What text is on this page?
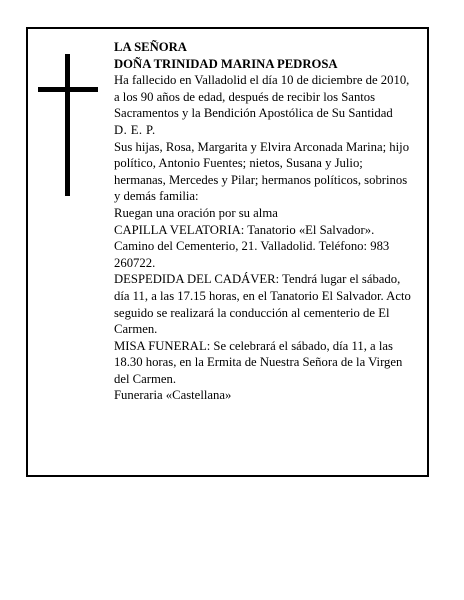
LA SEÑORA
DOÑA TRINIDAD MARINA PEDROSA
Ha fallecido en Valladolid el día 10 de diciembre de 2010, a los 90 años de edad, después de recibir los Santos Sacramentos y la Bendición Apostólica de Su Santidad
D. E. P.
Sus hijas, Rosa, Margarita y Elvira Arconada Marina; hijo político, Antonio Fuentes; nietos, Susana y Julio; hermanas, Mercedes y Pilar; hermanos políticos, sobrinos y demás familia:
Ruegan una oración por su alma
CAPILLA VELATORIA: Tanatorio «El Salvador». Camino del Cementerio, 21. Valladolid. Teléfono: 983 260722.
DESPEDIDA DEL CADÁVER: Tendrá lugar el sábado, día 11, a las 17.15 horas, en el Tanatorio El Salvador. Acto seguido se realizará la conducción al cementerio de El Carmen.
MISA FUNERAL: Se celebrará el sábado, día 11, a las 18.30 horas, en la Ermita de Nuestra Señora de la Virgen del Carmen.
Funeraria «Castellana»
